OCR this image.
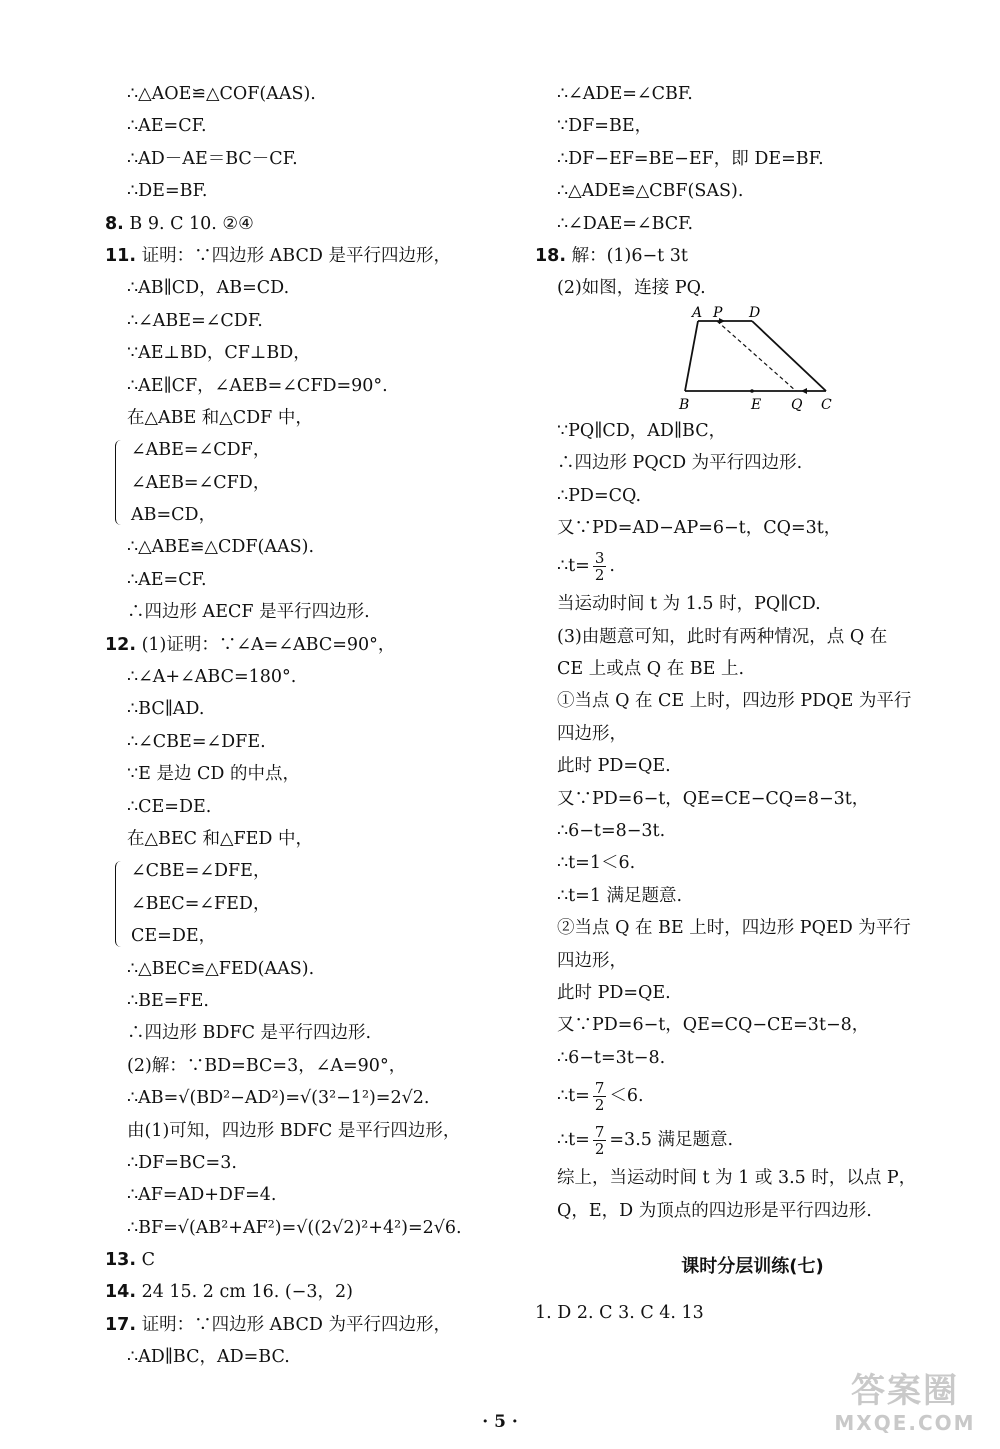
∴△AOE≌△COF(AAS).
∴AE=CF.
∴AD－AE＝BC－CF.
∴DE=BF.
8. B 9. C 10. ②④
11. 证明：∵四边形 ABCD 是平行四边形，
∴AB∥CD，AB=CD.
∴∠ABE=∠CDF.
∵AE⊥BD，CF⊥BD，
∴AE∥CF，∠AEB=∠CFD=90°.
在△ABE 和△CDF 中，
∠ABE=∠CDF，
∠AEB=∠CFD，
AB=CD，
∴△ABE≌△CDF(AAS).
∴AE=CF.
∴四边形 AECF 是平行四边形.
12. (1)证明：∵∠A=∠ABC=90°，
∴∠A+∠ABC=180°.
∴BC∥AD.
∴∠CBE=∠DFE.
∵E 是边 CD 的中点，
∴CE=DE.
在△BEC 和△FED 中，
∠CBE=∠DFE，
∠BEC=∠FED，
CE=DE，
∴△BEC≌△FED(AAS).
∴BE=FE.
∴四边形 BDFC 是平行四边形.
(2)解：∵BD=BC=3，∠A=90°，
∴AB=√(BD²−AD²)=√(3²−1²)=2√2.
由(1)可知，四边形 BDFC 是平行四边形，
∴DF=BC=3.
∴AF=AD+DF=4.
∴BF=√(AB²+AF²)=√((2√2)²+4²)=2√6.
13. C
14. 24 15. 2 cm 16. (−3，2)
17. 证明：∵四边形 ABCD 为平行四边形，
∴AD∥BC，AD=BC.
∴∠ADE=∠CBF.
∵DF=BE，
∴DF−EF=BE−EF，即 DE=BF.
∴△ADE≌△CBF(SAS).
∴∠DAE=∠BCF.
18. 解：(1)6−t 3t
(2)如图，连接 PQ.
A P D
B	E Q C
∵PQ∥CD，AD∥BC，
∴四边形 PQCD 为平行四边形.
∴PD=CQ.
又∵PD=AD−AP=6−t，CQ=3t，
∴t= $\frac{3}{2}$ .
当运动时间 t 为 1.5 时，PQ∥CD.
(3)由题意可知，此时有两种情况，点 Q 在
CE 上或点 Q 在 BE 上.
①当点 Q 在 CE 上时，四边形 PDQE 为平行
四边形，
此时 PD=QE.
又∵PD=6−t，QE=CE−CQ=8−3t，
∴6−t=8−3t.
∴t=1＜6.
∴t=1 满足题意.
②当点 Q 在 BE 上时，四边形 PQED 为平行
四边形，
此时 PD=QE.
又∵PD=6−t，QE=CQ−CE=3t−8，
∴6−t=3t−8.
∴t= $\frac{7}{2} <6$.
∴t= $\frac{7}{2} =3.5$ 满足题意.
综上，当运动时间 t 为 1 或 3.5 时，以点 P，
Q，E，D 为顶点的四边形是平行四边形.
课时分层训练(七)
1. D 2. C 3. C 4. 13
· 5 ·
答案圈
MXQE.COM
